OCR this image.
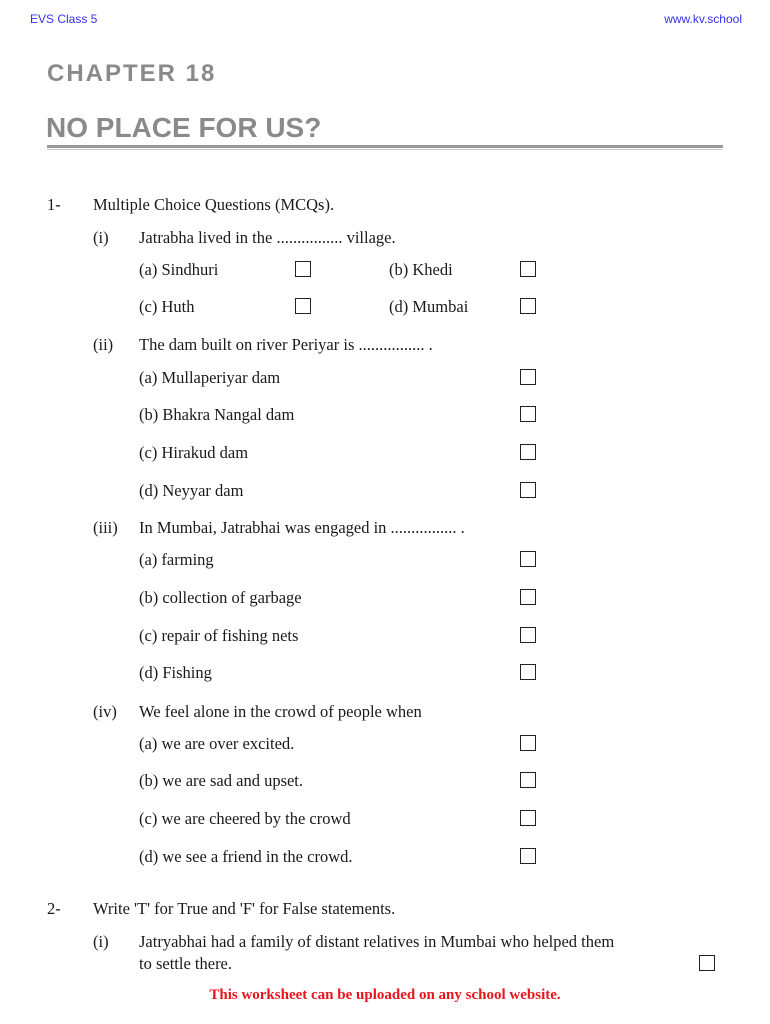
EVS Class 5	www.kv.school
CHAPTER 18
NO PLACE FOR US?
1- Multiple Choice Questions (MCQs).
(i) Jatrabha lived in the ................ village.
(a) Sindhuri	(b) Khedi
(c) Huth	(d) Mumbai
(ii) The dam built on river Periyar is ................ .
(a) Mullaperiyar dam
(b) Bhakra Nangal dam
(c) Hirakud dam
(d) Neyyar dam
(iii) In Mumbai, Jatrabhai was engaged in ................ .
(a) farming
(b) collection of garbage
(c) repair of fishing nets
(d) Fishing
(iv) We feel alone in the crowd of people when
(a) we are over excited.
(b) we are sad and upset.
(c) we are cheered by the crowd
(d) we see a friend in the crowd.
2- Write 'T' for True and 'F' for False statements.
(i) Jatryabhai had a family of distant relatives in Mumbai who helped them
to settle there.
This worksheet can be uploaded on any school website.
